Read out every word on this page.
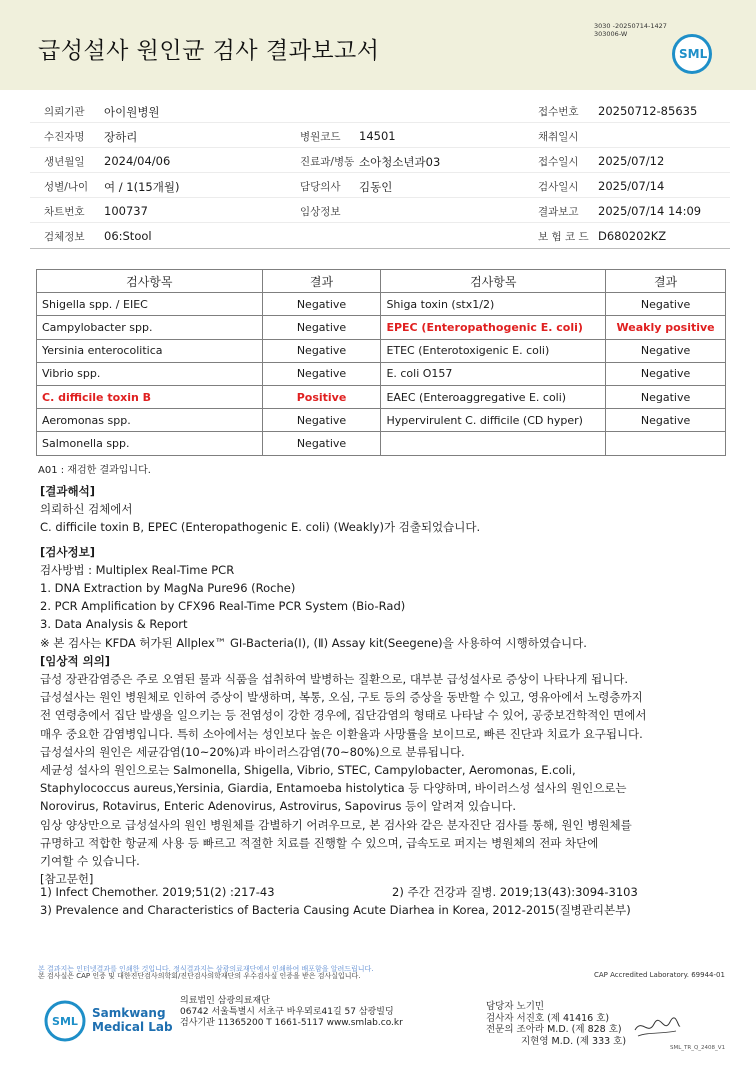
급성설사 원인균 검사 결과보고서
3030 -20250714-1427
303006-W
SML
의뢰기관 아이원병원	접수번호 20250712-85635
수진자명 장하리	병원코드 14501	채취일시
생년월일 2024/04/06	진료과/병동 소아청소년과03	접수일시 2025/07/12
성별/나이 여 / 1(15개월)	담당의사 김동인	검사일시 2025/07/14
차트번호 100737	임상정보	결과보고 2025/07/14 14:09
검체정보 06:Stool	보 험 코 드 D680202KZ
검사항목	결과	검사항목	결과
Shigella spp. / EIEC	Negative	Shiga toxin (stx1/2)	Negative
Campylobacter spp.	Negative	EPEC (Enteropathogenic E. coli)	Weakly positive
Yersinia enterocolitica	Negative	ETEC (Enterotoxigenic E. coli)	Negative
Vibrio spp.	Negative	E. coli O157	Negative
C. difficile toxin B	Positive	EAEC (Enteroaggregative E. coli)	Negative
Aeromonas spp.	Negative	Hypervirulent C. difficile (CD hyper)	Negative
Salmonella spp.	Negative		
A01 : 재검한 결과입니다.

[결과해석]

의뢰하신 검체에서

C. difficile toxin B, EPEC (Enteropathogenic E. coli) (Weakly)가 검출되었습니다.

[검사정보]

검사방법 : Multiplex Real-Time PCR

1. DNA Extraction by MagNa Pure96 (Roche)

2. PCR Amplification by CFX96 Real-Time PCR System (Bio-Rad)

3. Data Analysis & Report

※ 본 검사는 KFDA 허가된 Allplex™ GI-Bacteria(Ⅰ), (Ⅱ) Assay kit(Seegene)을 사용하여 시행하였습니다.

[임상적 의의]

급성 장관감염증은 주로 오염된 물과 식품을 섭취하여 발병하는 질환으로, 대부분 급성설사로 증상이 나타나게 됩니다.

급성설사는 원인 병원체로 인하여 증상이 발생하며, 복통, 오심, 구토 등의 증상을 동반할 수 있고, 영유아에서 노령층까지

전 연령층에서 집단 발생을 일으키는 등 전염성이 강한 경우에, 집단감염의 형태로 나타날 수 있어, 공중보건학적인 면에서

매우 중요한 감염병입니다. 특히 소아에서는 성인보다 높은 이환율과 사망률을 보이므로, 빠른 진단과 치료가 요구됩니다.

급성설사의 원인은 세균감염(10~20%)과 바이러스감염(70~80%)으로 분류됩니다.

세균성 설사의 원인으로는 Salmonella, Shigella, Vibrio, STEC, Campylobacter, Aeromonas, E.coli,

Staphylococcus aureus,Yersinia, Giardia, Entamoeba histolytica 등 다양하며, 바이러스성 설사의 원인으로는

Norovirus, Rotavirus, Enteric Adenovirus, Astrovirus, Sapovirus 등이 알려져 있습니다.

임상 양상만으로 급성설사의 원인 병원체를 감별하기 어려우므로, 본 검사와 같은 분자진단 검사를 통해, 원인 병원체를

규명하고 적합한 항균제 사용 등 빠르고 적절한 치료를 진행할 수 있으며, 급속도로 퍼지는 병원체의 전파 차단에

기여할 수 있습니다.

[참고문헌]

1) Infect Chemother. 2019;51(2) :217-43	2) 주간 건강과 질병. 2019;13(43):3094-3103

3) Prevalence and Characteristics of Bacteria Causing Acute Diarhea in Korea, 2012-2015(질병관리본부)

본 결과지는 인터넷결과를 인쇄한 것입니다. 정식결과지는 삼광의료재단에서 인쇄하여 배포함을 알려드립니다.
본 검사실은 CAP 인증 및 대한진단검사의학회/진단검사의학재단의 우수검사실 인증을 받은 검사실입니다.	CAP Accredited Laboratory. 69944-01
SML
Samkwang
Medical Lab
의료법인 삼광의료재단
06742 서울특별시 서초구 바우뫼로41길 57 삼광빌딩
검사기관 11365200 T 1661-5117 www.smlab.co.kr
담당자 노기민
검사자 서진호 (제 41416 호)
전문의 조아라 M.D. (제 828 호)
지현영 M.D. (제 333 호)
SML_TR_Q_2408_V1
